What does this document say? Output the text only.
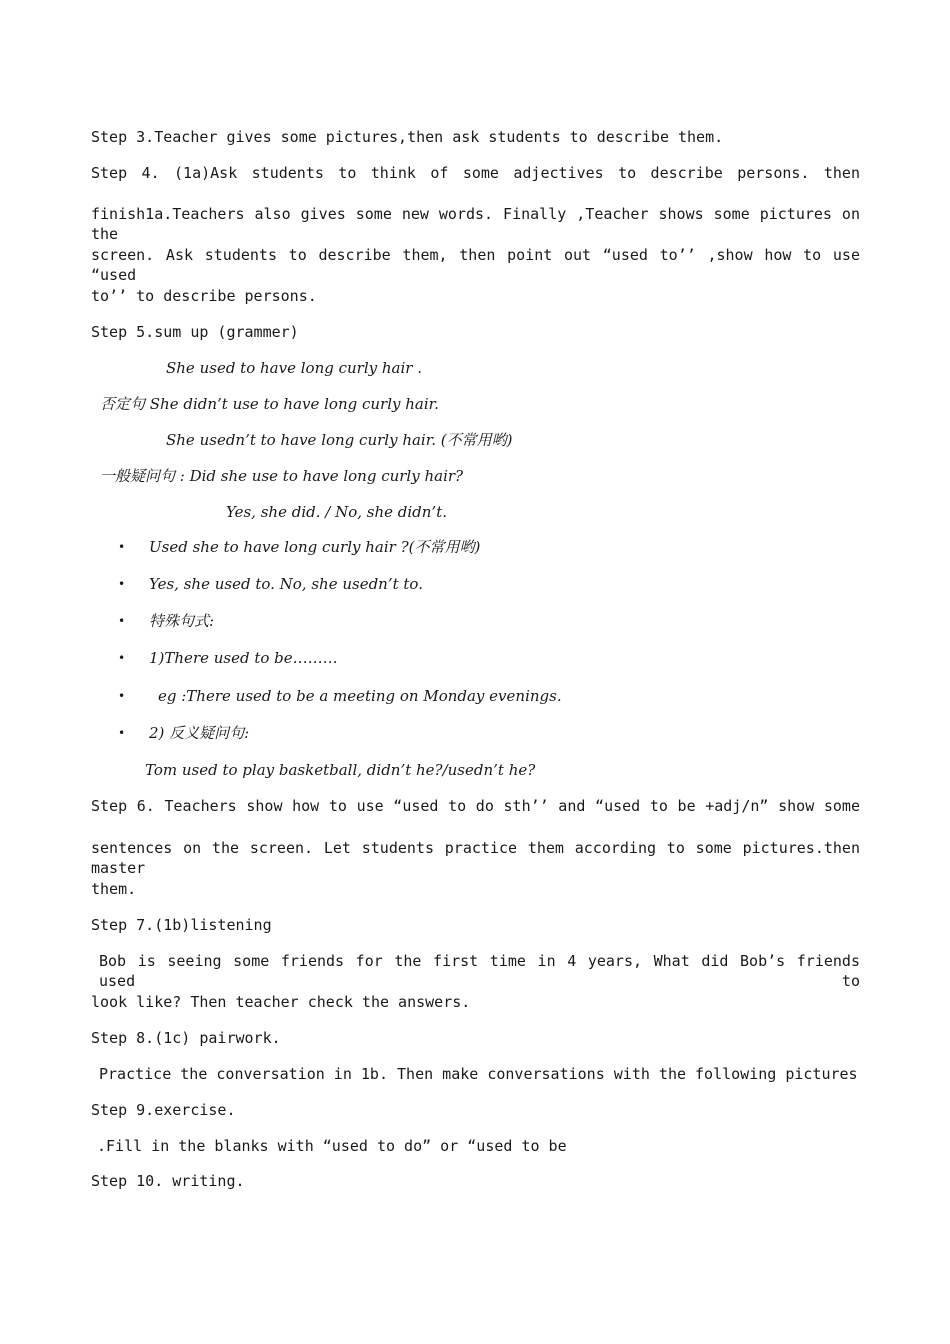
Step 3.Teacher gives some pictures,then ask students to describe them.
Step 4. (1a)Ask students to think of some adjectives to describe persons. then
finish1a.Teachers also gives some new words. Finally ,Teacher shows some pictures on the
screen. Ask students to describe them, then point out “used to’’ ,show how to use “used
to’’ to describe persons.
Step 5.sum up (grammer)
She used to have long curly hair .
否定句 She didn’t use to have long curly hair.
She usedn’t to have long curly hair. (不常用哟)
一般疑问句 : Did she use to have long curly hair?
Yes, she did. / No, she didn’t.
• Used she to have long curly hair ?(不常用哟)
• Yes, she used to. No, she usedn’t to.
• 特殊句式:
• 1)There used to be………
• eg :There used to be a meeting on Monday evenings.
• 2) 反义疑问句:
Tom used to play basketball, didn’t he?/usedn’t he?
Step 6. Teachers show how to use “used to do sth’’ and “used to be +adj/n” show some
sentences on the screen. Let students practice them according to some pictures.then master
them.
Step 7.(1b)listening
Bob is seeing some friends for the first time in 4 years, What did Bob’s friends used to
look like? Then teacher check the answers.
Step 8.(1c) pairwork.
Practice the conversation in 1b. Then make conversations with the following pictures
Step 9.exercise.
.Fill in the blanks with “used to do” or “used to be
Step 10. writing.
